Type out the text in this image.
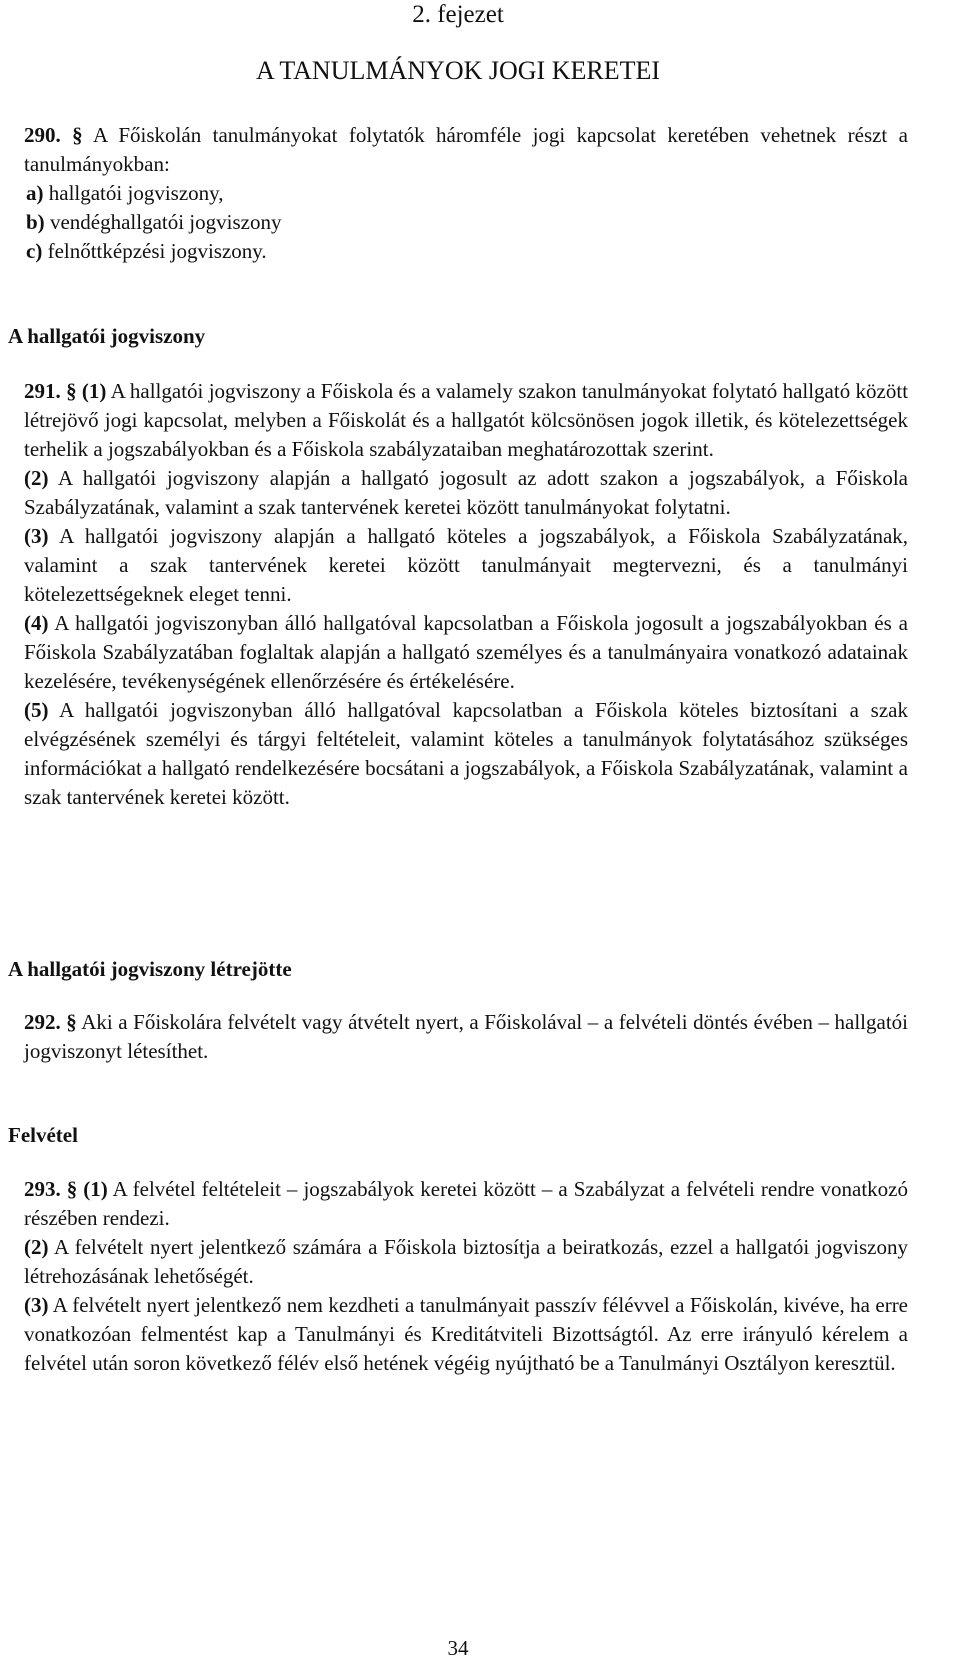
2. fejezet
A TANULMÁNYOK JOGI KERETEI

290. § A Főiskolán tanulmányokat folytatók háromféle jogi kapcsolat keretében vehetnek részt a tanulmányokban:

a) hallgatói jogviszony,

b) vendéghallgatói jogviszony

c) felnőttképzési jogviszony.

A hallgatói jogviszony

291. § (1) A hallgatói jogviszony a Főiskola és a valamely szakon tanulmányokat folytató hallgató között létrejövő jogi kapcsolat, melyben a Főiskolát és a hallgatót kölcsönösen jogok illetik, és kötelezettségek terhelik a jogszabályokban és a Főiskola szabályzataiban meghatározottak szerint.

(2) A hallgatói jogviszony alapján a hallgató jogosult az adott szakon a jogszabályok, a Főiskola Szabályzatának, valamint a szak tantervének keretei között tanulmányokat folytatni.

(3) A hallgatói jogviszony alapján a hallgató köteles a jogszabályok, a Főiskola Szabályzatának, valamint a szak tantervének keretei között tanulmányait megtervezni, és a tanulmányi kötelezettségeknek eleget tenni.

(4) A hallgatói jogviszonyban álló hallgatóval kapcsolatban a Főiskola jogosult a jogszabályokban és a Főiskola Szabályzatában foglaltak alapján a hallgató személyes és a tanulmányaira vonatkozó adatainak kezelésére, tevékenységének ellenőrzésére és értékelésére.

(5) A hallgatói jogviszonyban álló hallgatóval kapcsolatban a Főiskola köteles biztosítani a szak elvégzésének személyi és tárgyi feltételeit, valamint köteles a tanulmányok folytatásához szükséges információkat a hallgató rendelkezésére bocsátani a jogszabályok, a Főiskola Szabályzatának, valamint a szak tantervének keretei között.

A hallgatói jogviszony létrejötte

292. § Aki a Főiskolára felvételt vagy átvételt nyert, a Főiskolával – a felvételi döntés évében – hallgatói jogviszonyt létesíthet.

Felvétel

293. § (1) A felvétel feltételeit – jogszabályok keretei között – a Szabályzat a felvételi rendre vonatkozó részében rendezi.

(2) A felvételt nyert jelentkező számára a Főiskola biztosítja a beiratkozás, ezzel a hallgatói jogviszony létrehozásának lehetőségét.

(3) A felvételt nyert jelentkező nem kezdheti a tanulmányait passzív félévvel a Főiskolán, kivéve, ha erre vonatkozóan felmentést kap a Tanulmányi és Kreditátviteli Bizottságtól. Az erre irányuló kérelem a felvétel után soron következő félév első hetének végéig nyújtható be a Tanulmányi Osztályon keresztül.

34
